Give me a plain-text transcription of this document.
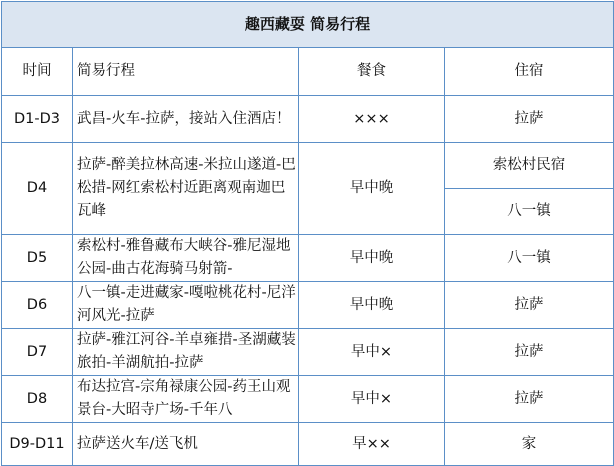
趣西藏耍 简易行程			
时间	简易行程	餐食	住宿
D1-D3	武昌-火车-拉萨，接站入住酒店！	×××	拉萨
D4	拉萨-醉美拉林高速-米拉山遂道-巴松措-网红索松村近距离观南迦巴瓦峰	早中晚	索松村民宿
			八一镇
D5	索松村-雅鲁藏布大峡谷-雅尼湿地公园-曲古花海骑马射箭-	早中晚	八一镇
D6	八一镇-走进藏家-嘎啦桃花村-尼洋河风光-拉萨	早中晚	拉萨
D7	拉萨-雅江河谷-羊卓雍措-圣湖藏装旅拍-羊湖航拍-拉萨	早中×	拉萨
D8	布达拉宫-宗角禄康公园-药王山观景台-大昭寺广场-千年八	早中×	拉萨
D9-D11	拉萨送火车/送飞机	早××	家
